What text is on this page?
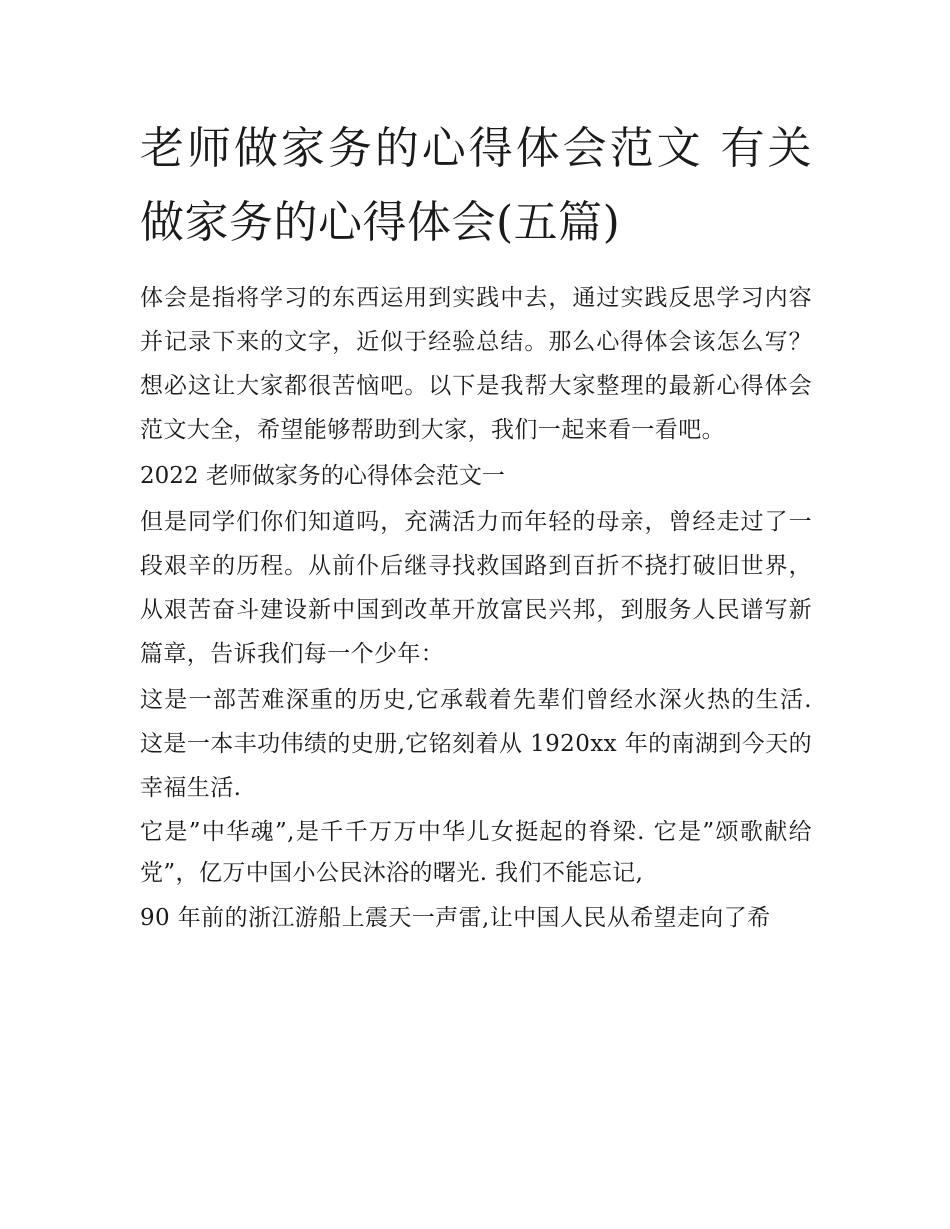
老师做家务的心得体会范文 有关做家务的心得体会(五篇)

体会是指将学习的东西运用到实践中去，通过实践反思学习内容并记录下来的文字，近似于经验总结。那么心得体会该怎么写？想必这让大家都很苦恼吧。以下是我帮大家整理的最新心得体会范文大全，希望能够帮助到大家，我们一起来看一看吧。

2022 老师做家务的心得体会范文一

但是同学们你们知道吗，充满活力而年轻的母亲，曾经走过了一段艰辛的历程。从前仆后继寻找救国路到百折不挠打破旧世界，从艰苦奋斗建设新中国到改革开放富民兴邦，到服务人民谱写新篇章，告诉我们每一个少年：

这是一部苦难深重的历史,它承载着先辈们曾经水深火热的生活. 这是一本丰功伟绩的史册,它铭刻着从 1920xx 年的南湖到今天的幸福生活.

它是”中华魂”,是千千万万中华儿女挺起的脊梁. 它是”颂歌献给党”，亿万中国小公民沐浴的曙光. 我们不能忘记,

90 年前的浙江游船上震天一声雷,让中国人民从希望走向了希
